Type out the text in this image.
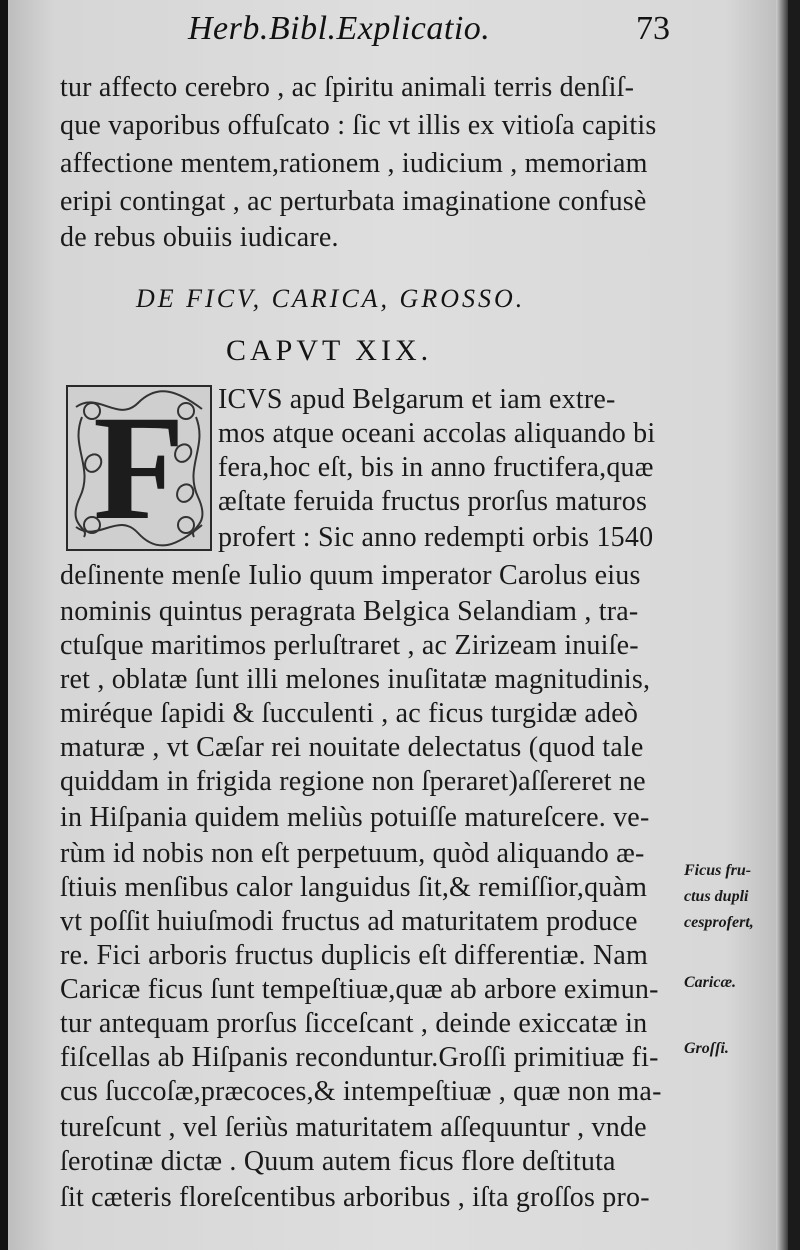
Herb.Bibl.Explicatio.	73
tur affecto cerebro , ac ſpiritu animali terris denſiſ-
que vaporibus offuſcato : ſic vt illis ex vitioſa capitis
affectione mentem,rationem , iudicium , memoriam
eripi contingat , ac perturbata imaginatione confusè
de rebus obuiis iudicare.
DE FICV, CARICA, GROSSO.
CAPVT XIX.
F	ICVS apud Belgarum et iam extre-
mos atque oceani accolas aliquando bi
fera,hoc eſt, bis in anno fructifera,quæ
æſtate feruida fructus prorſus maturos
profert : Sic anno redempti orbis 1540
deſinente menſe Iulio quum imperator Carolus eius
nominis quintus peragrata Belgica Selandiam , tra-
ctuſque maritimos perluſtraret , ac Zirizeam inuiſe-
ret , oblatæ ſunt illi melones inuſitatæ magnitudinis,
miréque ſapidi & ſucculenti , ac ficus turgidæ adeò
maturæ , vt Cæſar rei nouitate delectatus (quod tale
quiddam in frigida regione non ſperaret)aſſereret ne
in Hiſpania quidem meliùs potuiſſe matureſcere. ve-
rùm id nobis non eſt perpetuum, quòd aliquando æ-
ſtiuis menſibus calor languidus ſit,& remiſſior,quàm
vt poſſit huiuſmodi fructus ad maturitatem produce
re. Fici arboris fructus duplicis eſt differentiæ. Nam
Caricæ ficus ſunt tempeſtiuæ,quæ ab arbore eximun-
tur antequam prorſus ſicceſcant , deinde exiccatæ in
fiſcellas ab Hiſpanis reconduntur.Groſſi primitiuæ fi-
cus ſuccoſæ,præcoces,& intempeſtiuæ , quæ non ma-
tureſcunt , vel ſeriùs maturitatem aſſequuntur , vnde
ſerotinæ dictæ . Quum autem ficus flore deſtituta
ſit cæteris floreſcentibus arboribus , iſta groſſos pro-
Ficus fru-
ctus dupli
cesprofert,
Caricæ.
Groſſi.
